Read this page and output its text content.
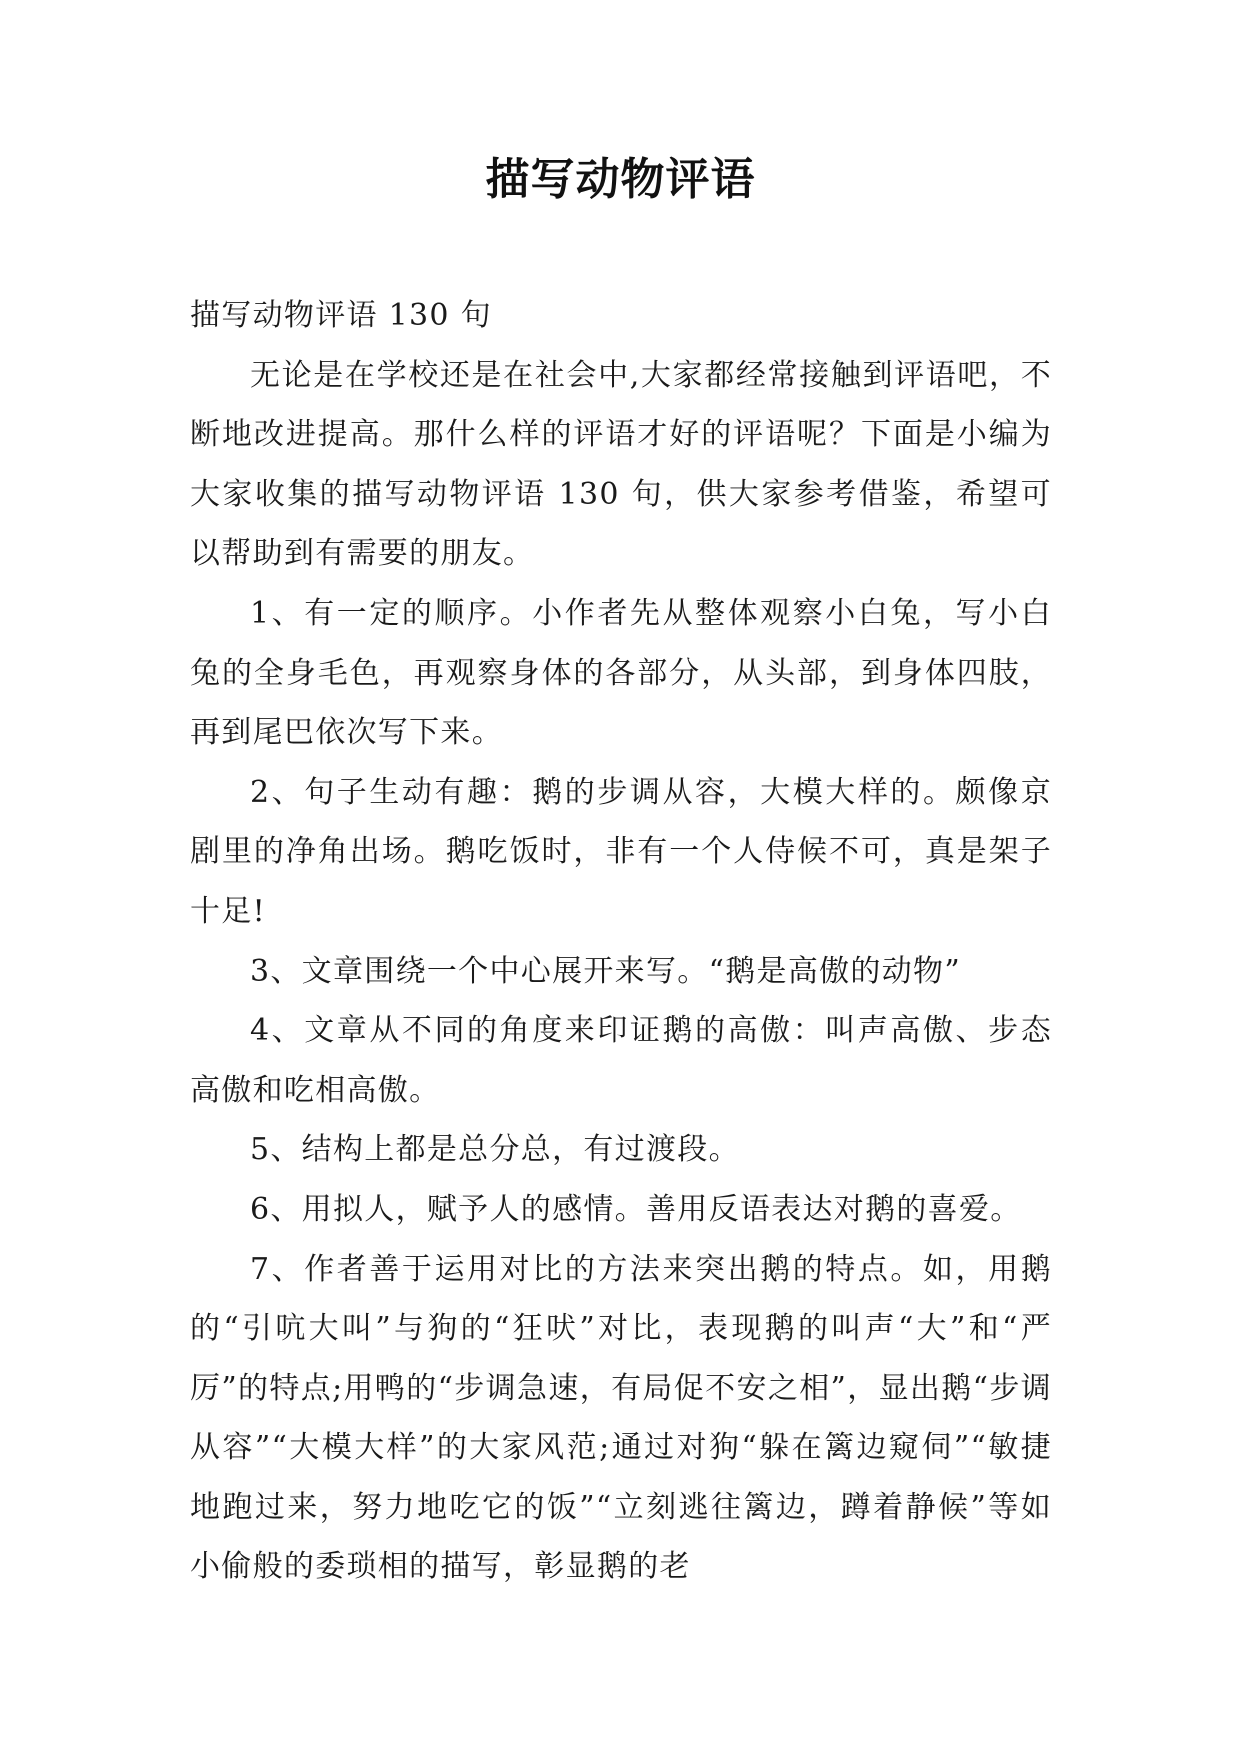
描写动物评语

描写动物评语 130 句

无论是在学校还是在社会中,大家都经常接触到评语吧，不断地改进提高。那什么样的评语才好的评语呢？下面是小编为大家收集的描写动物评语 130 句，供大家参考借鉴，希望可以帮助到有需要的朋友。

1、有一定的顺序。小作者先从整体观察小白兔，写小白兔的全身毛色，再观察身体的各部分，从头部，到身体四肢，再到尾巴依次写下来。

2、句子生动有趣：鹅的步调从容，大模大样的。颇像京剧里的净角出场。鹅吃饭时，非有一个人侍候不可，真是架子十足!

3、文章围绕一个中心展开来写。“鹅是高傲的动物”

4、文章从不同的角度来印证鹅的高傲：叫声高傲、步态高傲和吃相高傲。

5、结构上都是总分总，有过渡段。

6、用拟人，赋予人的感情。善用反语表达对鹅的喜爱。

7、作者善于运用对比的方法来突出鹅的特点。如，用鹅的“引吭大叫”与狗的“狂吠”对比，表现鹅的叫声“大”和“严厉”的特点;用鸭的“步调急速，有局促不安之相”，显出鹅“步调从容”“大模大样”的大家风范;通过对狗“躲在篱边窥伺”“敏捷地跑过来，努力地吃它的饭”“立刻逃往篱边，蹲着静候”等如小偷般的委琐相的描写，彰显鹅的老
